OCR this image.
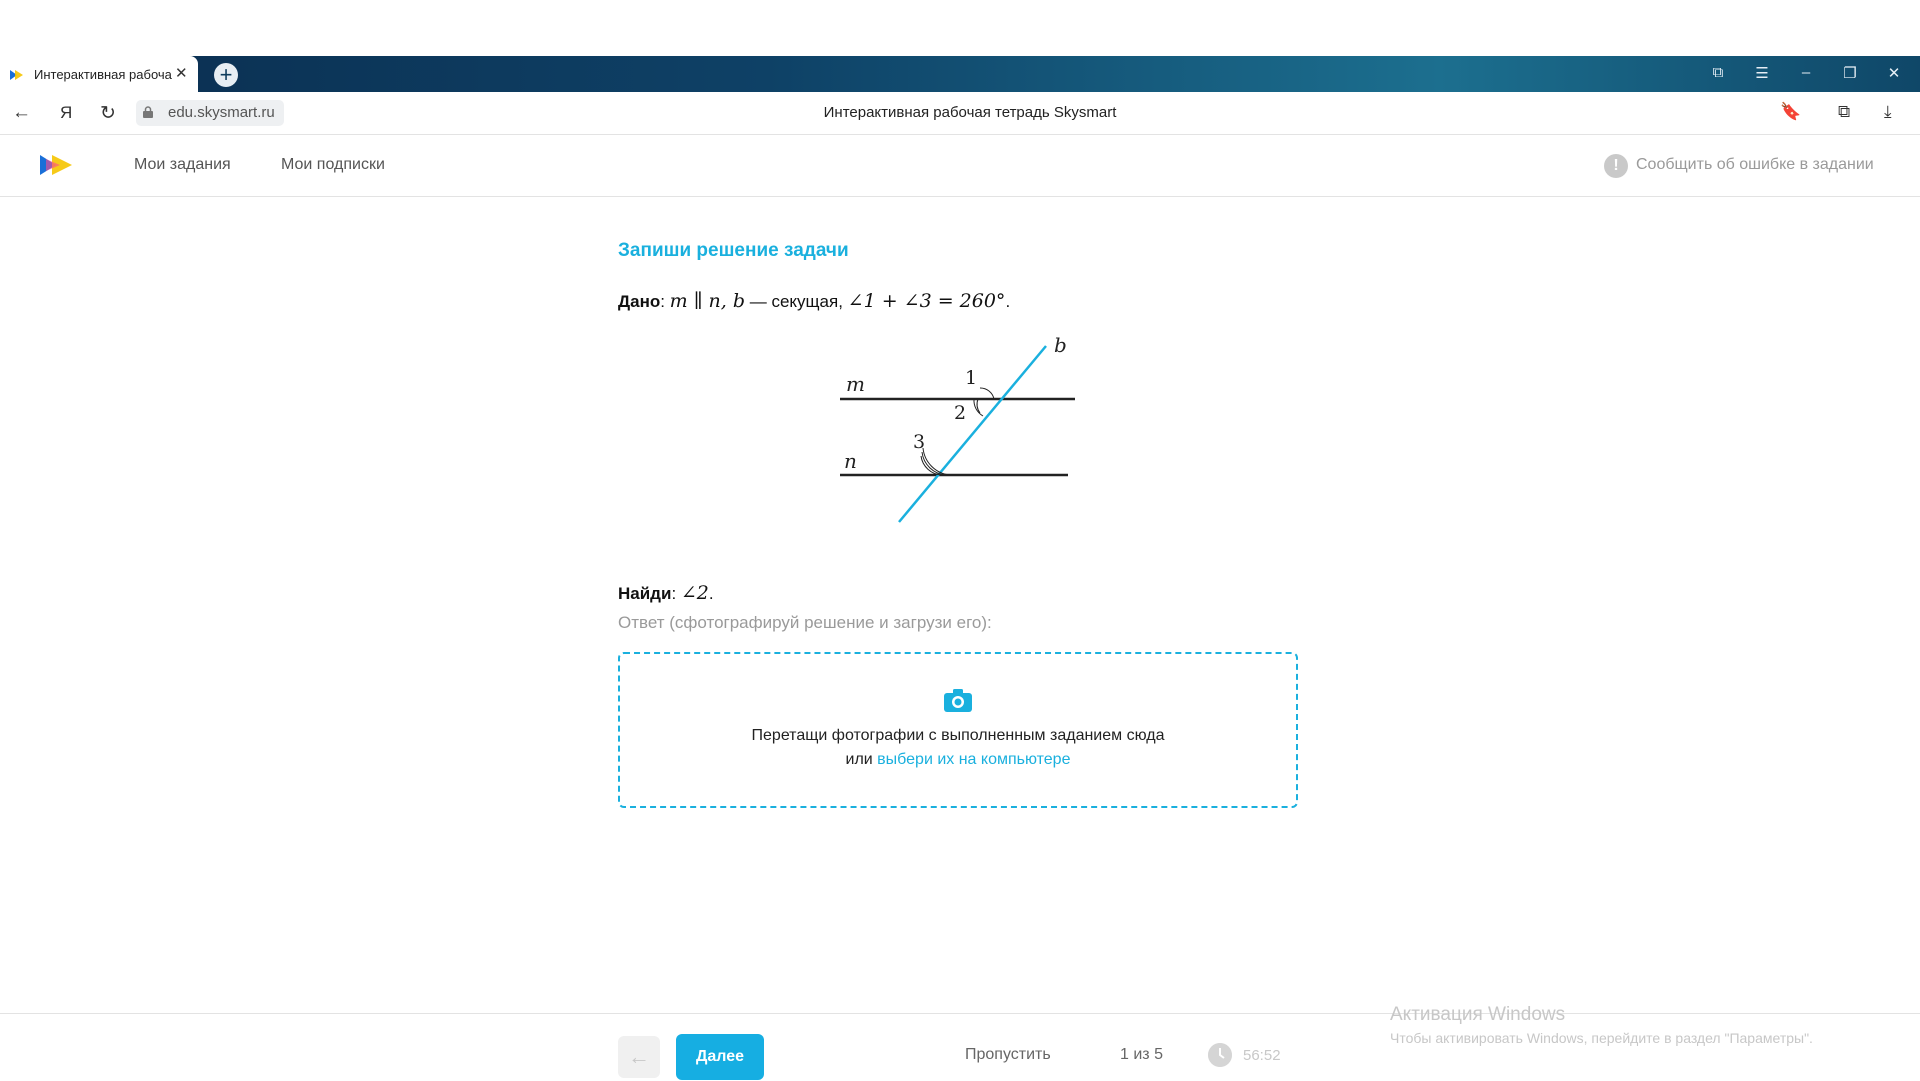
Интерактивная рабоча ✕ +	⧉	☰	–	❐	✕
← Я ↻	edu.skysmart.ru	Интерактивная рабочая тетрадь Skysmart	🔖 ⧉ ⤓
Мои задания	Мои подписки	!	Сообщить об ошибке в задании
Запиши решение задачи
Дано: m ∥ n, b — секущая, ∠1 + ∠3 = 260°.
m
n
b
1
2
3
Найди: ∠2.
Ответ (сфотографируй решение и загрузи его):
Перетащи фотографии с выполненным заданием сюда
или выбери их на компьютере
←	Далее	Пропустить	1 из 5	56:52
Активация Windows
Чтобы активировать Windows, перейдите в раздел "Параметры".
